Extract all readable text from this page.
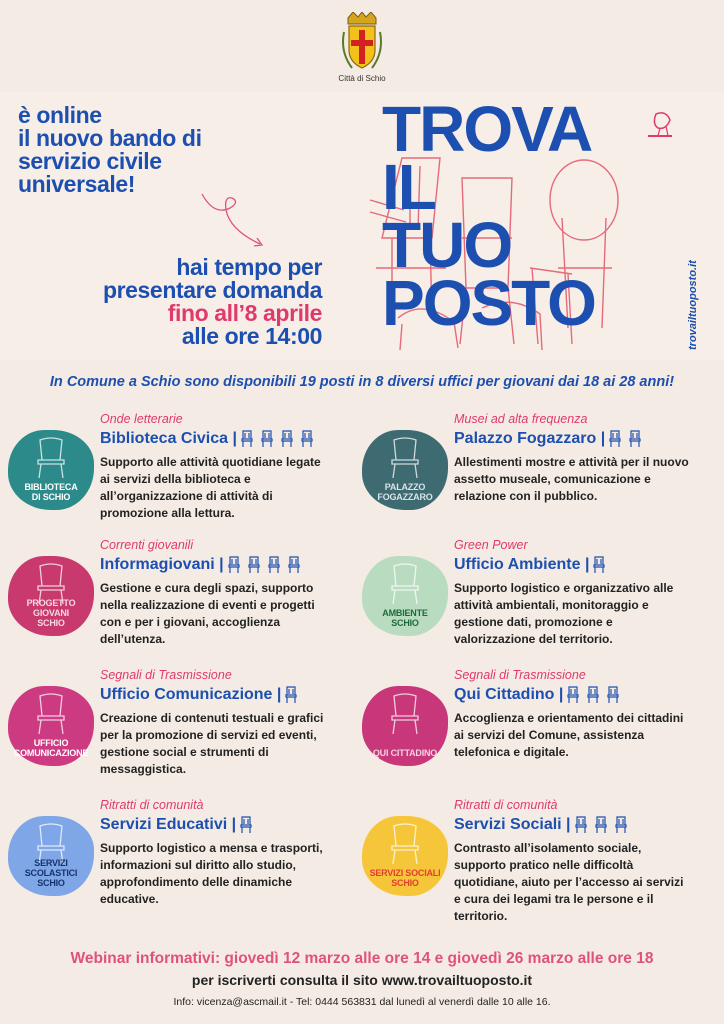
Città di Schio
è online
il nuovo bando di
servizio civile
universale!
hai tempo per
presentare domanda
fino all’8 aprile
alle ore 14:00
TROVA
IL
TUO
POSTO	trovailtuoposto.it
In Comune a Schio sono disponibili 19 posti in 8 diversi uffici per giovani dai 18 ai 28 anni!
BIBLIOTECA
DI SCHIO
Onde letterarie
Biblioteca Civica |
Supporto alle attività quotidiane legate
ai servizi della biblioteca e
all’organizzazione di attività di
promozione alla lettura.
PALAZZO
FOGAZZARO
Musei ad alta frequenza
Palazzo Fogazzaro |
Allestimenti mostre e attività per il nuovo
assetto museale, comunicazione e
relazione con il pubblico.
PROGETTO
GIOVANI
SCHIO
Correnti giovanili
Informagiovani |
Gestione e cura degli spazi, supporto
nella realizzazione di eventi e progetti
con e per i giovani, accoglienza
dell’utenza.
AMBIENTE
SCHIO
Green Power
Ufficio Ambiente |
Supporto logistico e organizzativo alle
attività ambientali, monitoraggio e
gestione dati, promozione e
valorizzazione del territorio.
UFFICIO
COMUNICAZIONE
Segnali di Trasmissione
Ufficio Comunicazione |
Creazione di contenuti testuali e grafici
per la promozione di servizi ed eventi,
gestione social e strumenti di
messaggistica.
QUI CITTADINO
Segnali di Trasmissione
Qui Cittadino |
Accoglienza e orientamento dei cittadini
ai servizi del Comune, assistenza
telefonica e digitale.
SERVIZI
SCOLASTICI
SCHIO
Ritratti di comunità
Servizi Educativi |
Supporto logistico a mensa e trasporti,
informazioni sul diritto allo studio,
approfondimento delle dinamiche
educative.
SERVIZI SOCIALI
SCHIO
Ritratti di comunità
Servizi Sociali |
Contrasto all’isolamento sociale,
supporto pratico nelle difficoltà
quotidiane, aiuto per l’accesso ai servizi
e cura dei legami tra le persone e il
territorio.
Webinar informativi: giovedì 12 marzo alle ore 14 e giovedì 26 marzo alle ore 18
per iscriverti consulta il sito www.trovailtuoposto.it
Info: vicenza@ascmail.it - Tel: 0444 563831 dal lunedì al venerdì dalle 10 alle 16.
